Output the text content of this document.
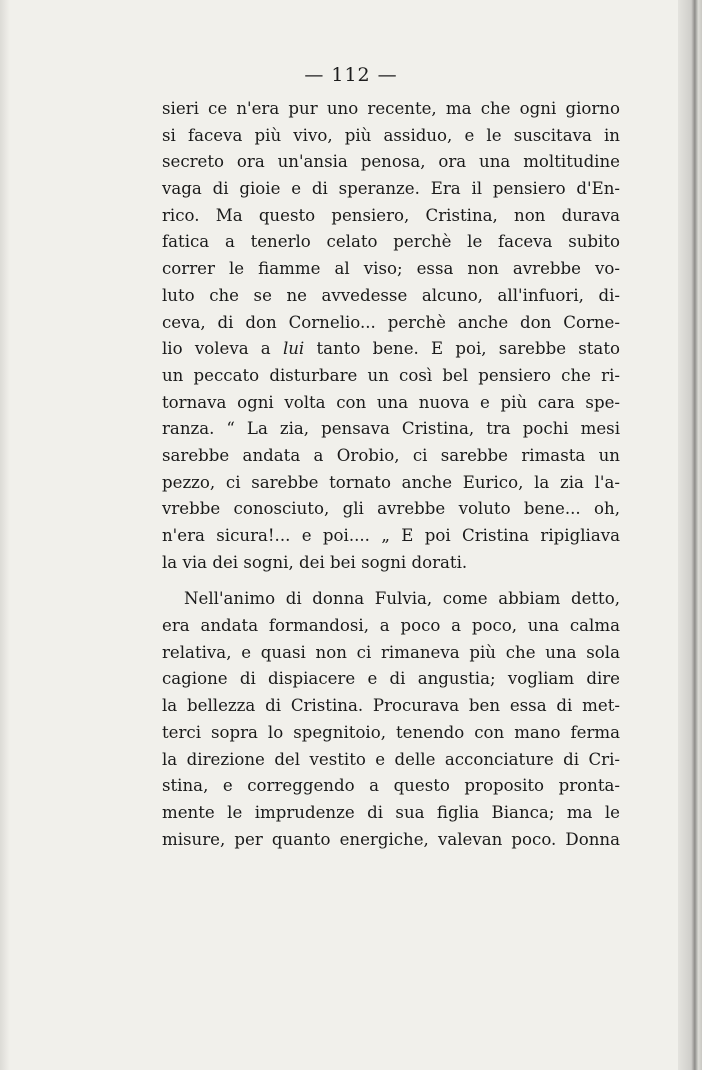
— 112 —
sieri ce n'era pur uno recente, ma che ogni giorno
si faceva più vivo, più assiduo, e le suscitava in
secreto ora un'ansia penosa, ora una moltitudine
vaga di gioie e di speranze. Era il pensiero d'En-
rico. Ma questo pensiero, Cristina, non durava
fatica a tenerlo celato perchè le faceva subito
correr le fiamme al viso; essa non avrebbe vo-
luto che se ne avvedesse alcuno, all'infuori, di-
ceva, di don Cornelio... perchè anche don Corne-
lio voleva a lui tanto bene. E poi, sarebbe stato
un peccato disturbare un così bel pensiero che ri-
tornava ogni volta con una nuova e più cara spe-
ranza. “ La zia, pensava Cristina, tra pochi mesi
sarebbe andata a Orobio, ci sarebbe rimasta un
pezzo, ci sarebbe tornato anche Eurico, la zia l'a-
vrebbe conosciuto, gli avrebbe voluto bene... oh,
n'era sicura!... e poi.... „ E poi Cristina ripigliava
la via dei sogni, dei bei sogni dorati.
Nell'animo di donna Fulvia, come abbiam detto,
era andata formandosi, a poco a poco, una calma
relativa, e quasi non ci rimaneva più che una sola
cagione di dispiacere e di angustia; vogliam dire
la bellezza di Cristina. Procurava ben essa di met-
terci sopra lo spegnitoio, tenendo con mano ferma
la direzione del vestito e delle acconciature di Cri-
stina, e correggendo a questo proposito pronta-
mente le imprudenze di sua figlia Bianca; ma le
misure, per quanto energiche, valevan poco. Donna
